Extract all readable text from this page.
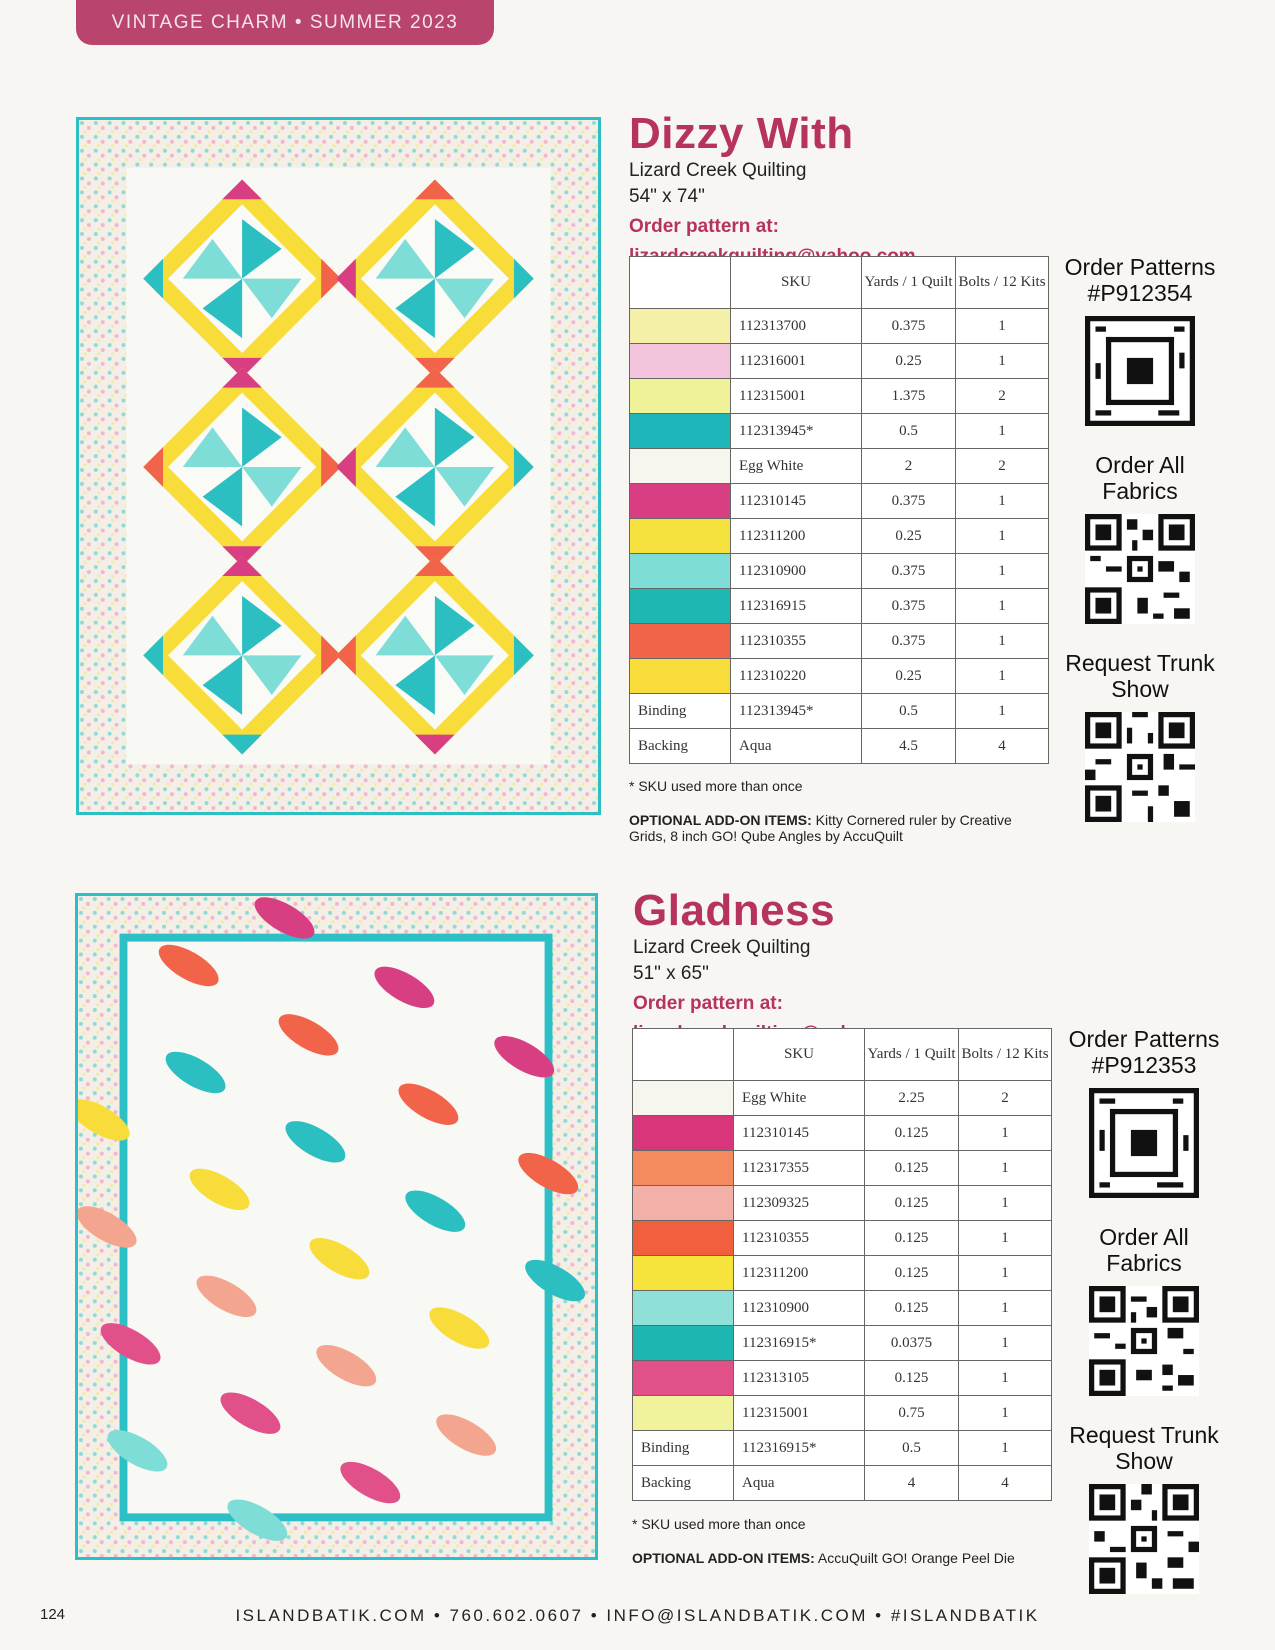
VINTAGE CHARM • SUMMER 2023
Dizzy With
Lizard Creek Quilting
54" x 74"
Order pattern at:
	SKU	Yards / 1 Quilt	Bolts / 12 Kits

	112313700	0.375	1

	112316001	0.25	1

	112315001	1.375	2

	112313945*	0.5	1

	Egg White	2	2

	112310145	0.375	1

	112311200	0.25	1

	112310900	0.375	1

	112316915	0.375	1

	112310355	0.375	1

	112310220	0.25	1
Binding	112313945*	0.5	1
Backing	Aqua	4.5	4
* SKU used more than once
OPTIONAL ADD-ON ITEMS: Kitty Cornered ruler by Creative Grids, 8 inch GO! Qube Angles by AccuQuilt
Order Patterns
#P912354
Order All Fabrics
Request Trunk Show
Gladness
Lizard Creek Quilting
51" x 65"
Order pattern at:
	SKU	Yards / 1 Quilt	Bolts / 12 Kits

	Egg White	2.25	2

	112310145	0.125	1

	112317355	0.125	1

	112309325	0.125	1

	112310355	0.125	1

	112311200	0.125	1

	112310900	0.125	1

	112316915*	0.0375	1

	112313105	0.125	1

	112315001	0.75	1
Binding	112316915*	0.5	1
Backing	Aqua	4	4
* SKU used more than once
OPTIONAL ADD-ON ITEMS: AccuQuilt GO! Orange Peel Die
Order Patterns
#P912353
Order All Fabrics
Request Trunk Show
124	ISLANDBATIK.COM • 760.602.0607 • INFO@ISLANDBATIK.COM • #ISLANDBATIK
